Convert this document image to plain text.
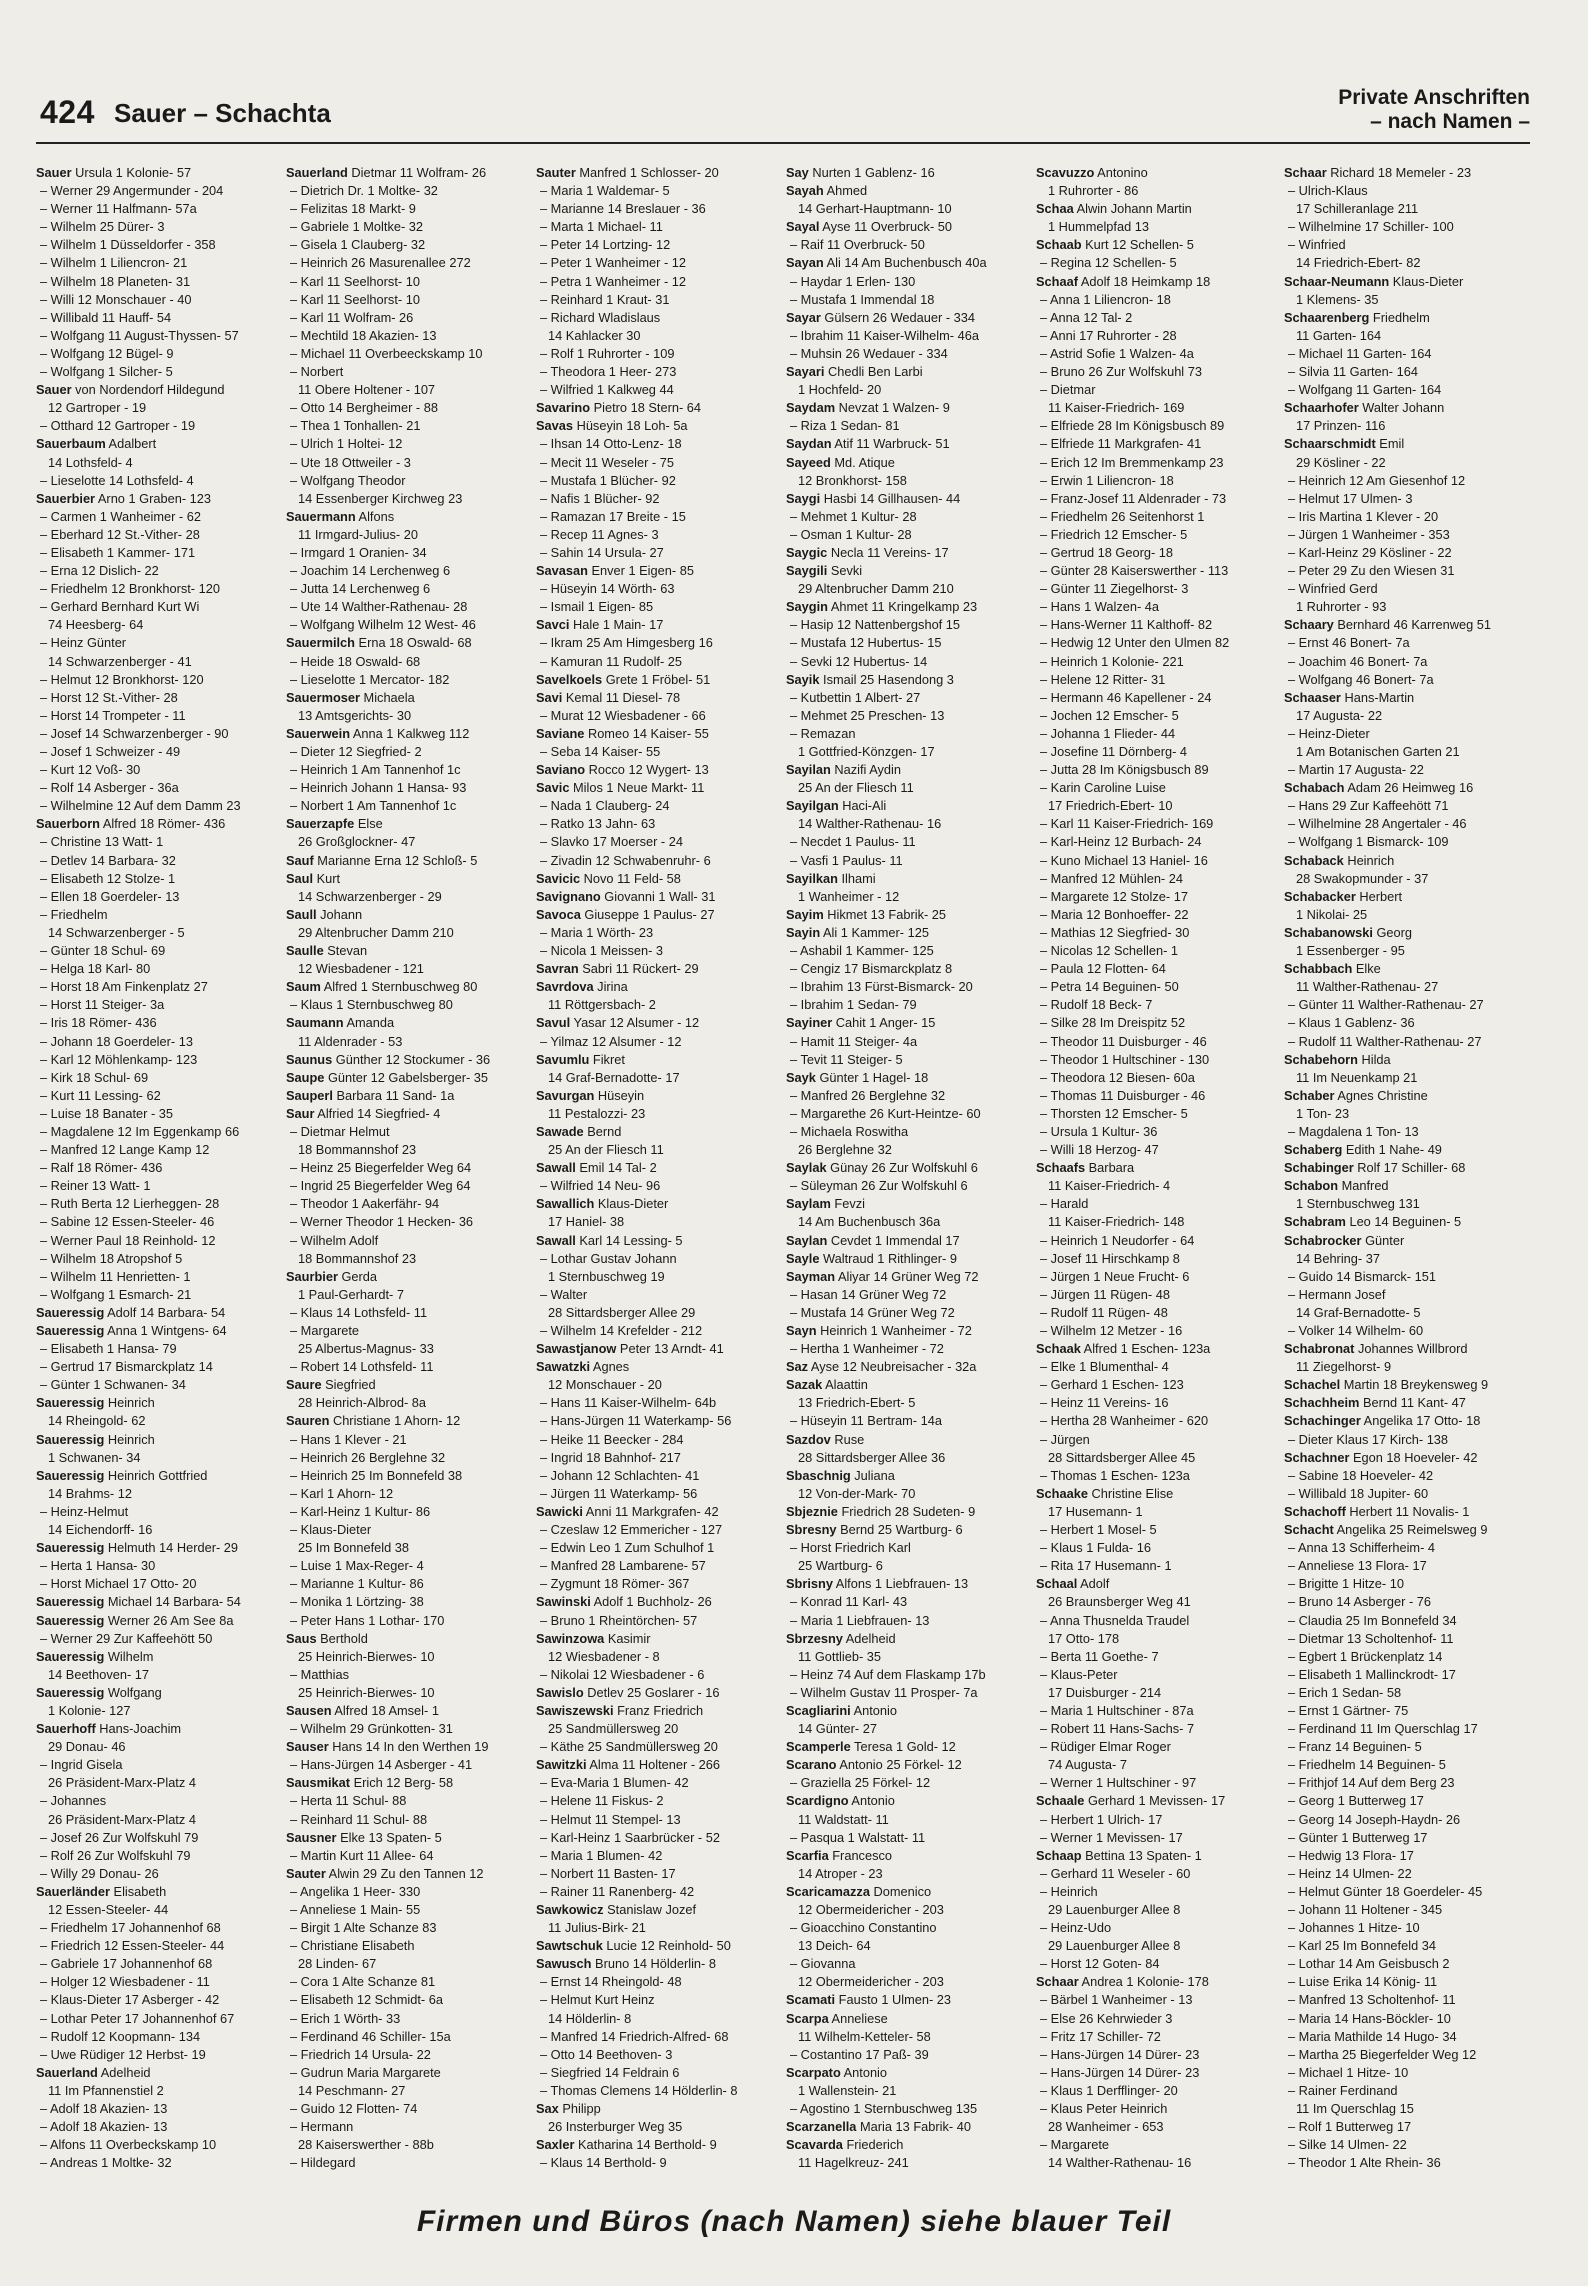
424 Sauer – Schachta
Private Anschriften
– nach Namen –
Sauer Ursula 1 Kolonie- 57
– Werner 29 Angermunder - 204
– Werner 11 Halfmann- 57a
– Wilhelm 25 Dürer- 3
– Wilhelm 1 Düsseldorfer - 358
– Wilhelm 1 Liliencron- 21
– Wilhelm 18 Planeten- 31
– Willi 12 Monschauer - 40
– Willibald 11 Hauff- 54
– Wolfgang 11 August-Thyssen- 57
– Wolfgang 12 Bügel- 9
– Wolfgang 1 Silcher- 5
Sauer von Nordendorf Hildegund
12 Gartroper - 19
– Otthard 12 Gartroper - 19
Sauerbaum Adalbert
14 Lothsfeld- 4
– Lieselotte 14 Lothsfeld- 4
Sauerbier Arno 1 Graben- 123
– Carmen 1 Wanheimer - 62
– Eberhard 12 St.-Vither- 28
– Elisabeth 1 Kammer- 171
– Erna 12 Dislich- 22
– Friedhelm 12 Bronkhorst- 120
– Gerhard Bernhard Kurt Wi
74 Heesberg- 64
– Heinz Günter
14 Schwarzenberger - 41
– Helmut 12 Bronkhorst- 120
– Horst 12 St.-Vither- 28
– Horst 14 Trompeter - 11
– Josef 14 Schwarzenberger - 90
– Josef 1 Schweizer - 49
– Kurt 12 Voß- 30
– Rolf 14 Asberger - 36a
– Wilhelmine 12 Auf dem Damm 23
Sauerborn Alfred 18 Römer- 436
– Christine 13 Watt- 1
– Detlev 14 Barbara- 32
– Elisabeth 12 Stolze- 1
– Ellen 18 Goerdeler- 13
– Friedhelm
14 Schwarzenberger - 5
– Günter 18 Schul- 69
– Helga 18 Karl- 80
– Horst 18 Am Finkenplatz 27
– Horst 11 Steiger- 3a
– Iris 18 Römer- 436
– Johann 18 Goerdeler- 13
– Karl 12 Möhlenkamp- 123
– Kirk 18 Schul- 69
– Kurt 11 Lessing- 62
– Luise 18 Banater - 35
– Magdalene 12 Im Eggenkamp 66
– Manfred 12 Lange Kamp 12
– Ralf 18 Römer- 436
– Reiner 13 Watt- 1
– Ruth Berta 12 Lierheggen- 28
– Sabine 12 Essen-Steeler- 46
– Werner Paul 18 Reinhold- 12
– Wilhelm 18 Atropshof 5
– Wilhelm 11 Henrietten- 1
– Wolfgang 1 Esmarch- 21
Saueressig Adolf 14 Barbara- 54
Saueressig Anna 1 Wintgens- 64
– Elisabeth 1 Hansa- 79
– Gertrud 17 Bismarckplatz 14
– Günter 1 Schwanen- 34
Saueressig Heinrich
14 Rheingold- 62
Saueressig Heinrich
1 Schwanen- 34
Saueressig Heinrich Gottfried
14 Brahms- 12
– Heinz-Helmut
14 Eichendorff- 16
Saueressig Helmuth 14 Herder- 29
– Herta 1 Hansa- 30
– Horst Michael 17 Otto- 20
Saueressig Michael 14 Barbara- 54
Saueressig Werner 26 Am See 8a
– Werner 29 Zur Kaffeehött 50
Saueressig Wilhelm
14 Beethoven- 17
Saueressig Wolfgang
1 Kolonie- 127
Sauerhoff Hans-Joachim
29 Donau- 46
– Ingrid Gisela
26 Präsident-Marx-Platz 4
– Johannes
26 Präsident-Marx-Platz 4
– Josef 26 Zur Wolfskuhl 79
– Rolf 26 Zur Wolfskuhl 79
– Willy 29 Donau- 26
Sauerländer Elisabeth
12 Essen-Steeler- 44
– Friedhelm 17 Johannenhof 68
– Friedrich 12 Essen-Steeler- 44
– Gabriele 17 Johannenhof 68
– Holger 12 Wiesbadener - 11
– Klaus-Dieter 17 Asberger - 42
– Lothar Peter 17 Johannenhof 67
– Rudolf 12 Koopmann- 134
– Uwe Rüdiger 12 Herbst- 19
Sauerland Adelheid
11 Im Pfannenstiel 2
– Adolf 18 Akazien- 13
– Adolf 18 Akazien- 13
– Alfons 11 Overbeckskamp 10
– Andreas 1 Moltke- 32
Sauerland Dietmar 11 Wolfram- 26
– Dietrich Dr. 1 Moltke- 32
– Felizitas 18 Markt- 9
– Gabriele 1 Moltke- 32
– Gisela 1 Clauberg- 32
– Heinrich 26 Masurenallee 272
– Karl 11 Seelhorst- 10
– Karl 11 Seelhorst- 10
– Karl 11 Wolfram- 26
– Mechtild 18 Akazien- 13
– Michael 11 Overbeeckskamp 10
– Norbert
11 Obere Holtener - 107
– Otto 14 Bergheimer - 88
– Thea 1 Tonhallen- 21
– Ulrich 1 Holtei- 12
– Ute 18 Ottweiler - 3
– Wolfgang Theodor
14 Essenberger Kirchweg 23
Sauermann Alfons
11 Irmgard-Julius- 20
– Irmgard 1 Oranien- 34
– Joachim 14 Lerchenweg 6
– Jutta 14 Lerchenweg 6
– Ute 14 Walther-Rathenau- 28
– Wolfgang Wilhelm 12 West- 46
Sauermilch Erna 18 Oswald- 68
– Heide 18 Oswald- 68
– Lieselotte 1 Mercator- 182
Sauermoser Michaela
13 Amtsgerichts- 30
Sauerwein Anna 1 Kalkweg 112
– Dieter 12 Siegfried- 2
– Heinrich 1 Am Tannenhof 1c
– Heinrich Johann 1 Hansa- 93
– Norbert 1 Am Tannenhof 1c
Sauerzapfe Else
26 Großglockner- 47
Sauf Marianne Erna 12 Schloß- 5
Saul Kurt
14 Schwarzenberger - 29
Saull Johann
29 Altenbrucher Damm 210
Saulle Stevan
12 Wiesbadener - 121
Saum Alfred 1 Sternbuschweg 80
– Klaus 1 Sternbuschweg 80
Saumann Amanda
11 Aldenrader - 53
Saunus Günther 12 Stockumer - 36
Saupe Günter 12 Gabelsberger- 35
Sauperl Barbara 11 Sand- 1a
Saur Alfried 14 Siegfried- 4
– Dietmar Helmut
18 Bommannshof 23
– Heinz 25 Biegerfelder Weg 64
– Ingrid 25 Biegerfelder Weg 64
– Theodor 1 Aakerfähr- 94
– Werner Theodor 1 Hecken- 36
– Wilhelm Adolf
18 Bommannshof 23
Saurbier Gerda
1 Paul-Gerhardt- 7
– Klaus 14 Lothsfeld- 11
– Margarete
25 Albertus-Magnus- 33
– Robert 14 Lothsfeld- 11
Saure Siegfried
28 Heinrich-Albrod- 8a
Sauren Christiane 1 Ahorn- 12
– Hans 1 Klever - 21
– Heinrich 26 Berglehne 32
– Heinrich 25 Im Bonnefeld 38
– Karl 1 Ahorn- 12
– Karl-Heinz 1 Kultur- 86
– Klaus-Dieter
25 Im Bonnefeld 38
– Luise 1 Max-Reger- 4
– Marianne 1 Kultur- 86
– Monika 1 Lörtzing- 38
– Peter Hans 1 Lothar- 170
Saus Berthold
25 Heinrich-Bierwes- 10
– Matthias
25 Heinrich-Bierwes- 10
Sausen Alfred 18 Amsel- 1
– Wilhelm 29 Grünkotten- 31
Sauser Hans 14 In den Werthen 19
– Hans-Jürgen 14 Asberger - 41
Sausmikat Erich 12 Berg- 58
– Herta 11 Schul- 88
– Reinhard 11 Schul- 88
Sausner Elke 13 Spaten- 5
– Martin Kurt 11 Allee- 64
Sauter Alwin 29 Zu den Tannen 12
– Angelika 1 Heer- 330
– Anneliese 1 Main- 55
– Birgit 1 Alte Schanze 83
– Christiane Elisabeth
28 Linden- 67
– Cora 1 Alte Schanze 81
– Elisabeth 12 Schmidt- 6a
– Erich 1 Wörth- 33
– Ferdinand 46 Schiller- 15a
– Friedrich 14 Ursula- 22
– Gudrun Maria Margarete
14 Peschmann- 27
– Guido 12 Flotten- 74
– Hermann
28 Kaiserswerther - 88b
– Hildegard
Sauter Manfred 1 Schlosser- 20
– Maria 1 Waldemar- 5
– Marianne 14 Breslauer - 36
– Marta 1 Michael- 11
– Peter 14 Lortzing- 12
– Peter 1 Wanheimer - 12
– Petra 1 Wanheimer - 12
– Reinhard 1 Kraut- 31
– Richard Wladislaus
14 Kahlacker 30
– Rolf 1 Ruhrorter - 109
– Theodora 1 Heer- 273
– Wilfried 1 Kalkweg 44
Savarino Pietro 18 Stern- 64
Savas Hüseyin 18 Loh- 5a
– Ihsan 14 Otto-Lenz- 18
– Mecit 11 Weseler - 75
– Mustafa 1 Blücher- 92
– Nafis 1 Blücher- 92
– Ramazan 17 Breite - 15
– Recep 11 Agnes- 3
– Sahin 14 Ursula- 27
Savasan Enver 1 Eigen- 85
– Hüseyin 14 Wörth- 63
– Ismail 1 Eigen- 85
Savci Hale 1 Main- 17
– Ikram 25 Am Himgesberg 16
– Kamuran 11 Rudolf- 25
Savelkoels Grete 1 Fröbel- 51
Savi Kemal 11 Diesel- 78
– Murat 12 Wiesbadener - 66
Saviane Romeo 14 Kaiser- 55
– Seba 14 Kaiser- 55
Saviano Rocco 12 Wygert- 13
Savic Milos 1 Neue Markt- 11
– Nada 1 Clauberg- 24
– Ratko 13 Jahn- 63
– Slavko 17 Moerser - 24
– Zivadin 12 Schwabenruhr- 6
Savicic Novo 11 Feld- 58
Savignano Giovanni 1 Wall- 31
Savoca Giuseppe 1 Paulus- 27
– Maria 1 Wörth- 23
– Nicola 1 Meissen- 3
Savran Sabri 11 Rückert- 29
Savrdova Jirina
11 Röttgersbach- 2
Savul Yasar 12 Alsumer - 12
– Yilmaz 12 Alsumer - 12
Savumlu Fikret
14 Graf-Bernadotte- 17
Savurgan Hüseyin
11 Pestalozzi- 23
Sawade Bernd
25 An der Fliesch 11
Sawall Emil 14 Tal- 2
– Wilfried 14 Neu- 96
Sawallich Klaus-Dieter
17 Haniel- 38
Sawall Karl 14 Lessing- 5
– Lothar Gustav Johann
1 Sternbuschweg 19
– Walter
28 Sittardsberger Allee 29
– Wilhelm 14 Krefelder - 212
Sawastjanow Peter 13 Arndt- 41
Sawatzki Agnes
12 Monschauer - 20
– Hans 11 Kaiser-Wilhelm- 64b
– Hans-Jürgen 11 Waterkamp- 56
– Heike 11 Beecker - 284
– Ingrid 18 Bahnhof- 217
– Johann 12 Schlachten- 41
– Jürgen 11 Waterkamp- 56
Sawicki Anni 11 Markgrafen- 42
– Czeslaw 12 Emmericher - 127
– Edwin Leo 1 Zum Schulhof 1
– Manfred 28 Lambarene- 57
– Zygmunt 18 Römer- 367
Sawinski Adolf 1 Buchholz- 26
– Bruno 1 Rheintörchen- 57
Sawinzowa Kasimir
12 Wiesbadener - 8
– Nikolai 12 Wiesbadener - 6
Sawislo Detlev 25 Goslarer - 16
Sawiszewski Franz Friedrich
25 Sandmüllersweg 20
– Käthe 25 Sandmüllersweg 20
Sawitzki Alma 11 Holtener - 266
– Eva-Maria 1 Blumen- 42
– Helene 11 Fiskus- 2
– Helmut 11 Stempel- 13
– Karl-Heinz 1 Saarbrücker - 52
– Maria 1 Blumen- 42
– Norbert 11 Basten- 17
– Rainer 11 Ranenberg- 42
Sawkowicz Stanislaw Jozef
11 Julius-Birk- 21
Sawtschuk Lucie 12 Reinhold- 50
Sawusch Bruno 14 Hölderlin- 8
– Ernst 14 Rheingold- 48
– Helmut Kurt Heinz
14 Hölderlin- 8
– Manfred 14 Friedrich-Alfred- 68
– Otto 14 Beethoven- 3
– Siegfried 14 Feldrain 6
– Thomas Clemens 14 Hölderlin- 8
Sax Philipp
26 Insterburger Weg 35
Saxler Katharina 14 Berthold- 9
– Klaus 14 Berthold- 9
Say Nurten 1 Gablenz- 16
Sayah Ahmed
14 Gerhart-Hauptmann- 10
Sayal Ayse 11 Overbruck- 50
– Raif 11 Overbruck- 50
Sayan Ali 14 Am Buchenbusch 40a
– Haydar 1 Erlen- 130
– Mustafa 1 Immendal 18
Sayar Gülsern 26 Wedauer - 334
– Ibrahim 11 Kaiser-Wilhelm- 46a
– Muhsin 26 Wedauer - 334
Sayari Chedli Ben Larbi
1 Hochfeld- 20
Saydam Nevzat 1 Walzen- 9
– Riza 1 Sedan- 81
Saydan Atif 11 Warbruck- 51
Sayeed Md. Atique
12 Bronkhorst- 158
Saygi Hasbi 14 Gillhausen- 44
– Mehmet 1 Kultur- 28
– Osman 1 Kultur- 28
Saygic Necla 11 Vereins- 17
Saygili Sevki
29 Altenbrucher Damm 210
Saygin Ahmet 11 Kringelkamp 23
– Hasip 12 Nattenbergshof 15
– Mustafa 12 Hubertus- 15
– Sevki 12 Hubertus- 14
Sayik Ismail 25 Hasendong 3
– Kutbettin 1 Albert- 27
– Mehmet 25 Preschen- 13
– Remazan
1 Gottfried-Könzgen- 17
Sayilan Nazifi Aydin
25 An der Fliesch 11
Sayilgan Haci-Ali
14 Walther-Rathenau- 16
– Necdet 1 Paulus- 11
– Vasfi 1 Paulus- 11
Sayilkan Ilhami
1 Wanheimer - 12
Sayim Hikmet 13 Fabrik- 25
Sayin Ali 1 Kammer- 125
– Ashabil 1 Kammer- 125
– Cengiz 17 Bismarckplatz 8
– Ibrahim 13 Fürst-Bismarck- 20
– Ibrahim 1 Sedan- 79
Sayiner Cahit 1 Anger- 15
– Hamit 11 Steiger- 4a
– Tevit 11 Steiger- 5
Sayk Günter 1 Hagel- 18
– Manfred 26 Berglehne 32
– Margarethe 26 Kurt-Heintze- 60
– Michaela Roswitha
26 Berglehne 32
Saylak Günay 26 Zur Wolfskuhl 6
– Süleyman 26 Zur Wolfskuhl 6
Saylam Fevzi
14 Am Buchenbusch 36a
Saylan Cevdet 1 Immendal 17
Sayle Waltraud 1 Rithlinger- 9
Sayman Aliyar 14 Grüner Weg 72
– Hasan 14 Grüner Weg 72
– Mustafa 14 Grüner Weg 72
Sayn Heinrich 1 Wanheimer - 72
– Hertha 1 Wanheimer - 72
Saz Ayse 12 Neubreisacher - 32a
Sazak Alaattin
13 Friedrich-Ebert- 5
– Hüseyin 11 Bertram- 14a
Sazdov Ruse
28 Sittardsberger Allee 36
Sbaschnig Juliana
12 Von-der-Mark- 70
Sbjeznie Friedrich 28 Sudeten- 9
Sbresny Bernd 25 Wartburg- 6
– Horst Friedrich Karl
25 Wartburg- 6
Sbrisny Alfons 1 Liebfrauen- 13
– Konrad 11 Karl- 43
– Maria 1 Liebfrauen- 13
Sbrzesny Adelheid
11 Gottlieb- 35
– Heinz 74 Auf dem Flaskamp 17b
– Wilhelm Gustav 11 Prosper- 7a
Scagliarini Antonio
14 Günter- 27
Scamperle Teresa 1 Gold- 12
Scarano Antonio 25 Förkel- 12
– Graziella 25 Förkel- 12
Scardigno Antonio
11 Waldstatt- 11
– Pasqua 1 Walstatt- 11
Scarfia Francesco
14 Atroper - 23
Scaricamazza Domenico
12 Obermeidericher - 203
– Gioacchino Constantino
13 Deich- 64
– Giovanna
12 Obermeidericher - 203
Scamati Fausto 1 Ulmen- 23
Scarpa Anneliese
11 Wilhelm-Ketteler- 58
– Costantino 17 Paß- 39
Scarpato Antonio
1 Wallenstein- 21
– Agostino 1 Sternbuschweg 135
Scarzanella Maria 13 Fabrik- 40
Scavarda Friederich
11 Hagelkreuz- 241
Scavuzzo Antonino
1 Ruhrorter - 86
Schaa Alwin Johann Martin
1 Hummelpfad 13
Schaab Kurt 12 Schellen- 5
– Regina 12 Schellen- 5
Schaaf Adolf 18 Heimkamp 18
– Anna 1 Liliencron- 18
– Anna 12 Tal- 2
– Anni 17 Ruhrorter - 28
– Astrid Sofie 1 Walzen- 4a
– Bruno 26 Zur Wolfskuhl 73
– Dietmar
11 Kaiser-Friedrich- 169
– Elfriede 28 Im Königsbusch 89
– Elfriede 11 Markgrafen- 41
– Erich 12 Im Bremmenkamp 23
– Erwin 1 Liliencron- 18
– Franz-Josef 11 Aldenrader - 73
– Friedhelm 26 Seitenhorst 1
– Friedrich 12 Emscher- 5
– Gertrud 18 Georg- 18
– Günter 28 Kaiserswerther - 113
– Günter 11 Ziegelhorst- 3
– Hans 1 Walzen- 4a
– Hans-Werner 11 Kalthoff- 82
– Hedwig 12 Unter den Ulmen 82
– Heinrich 1 Kolonie- 221
– Helene 12 Ritter- 31
– Hermann 46 Kapellener - 24
– Jochen 12 Emscher- 5
– Johanna 1 Flieder- 44
– Josefine 11 Dörnberg- 4
– Jutta 28 Im Königsbusch 89
– Karin Caroline Luise
17 Friedrich-Ebert- 10
– Karl 11 Kaiser-Friedrich- 169
– Karl-Heinz 12 Burbach- 24
– Kuno Michael 13 Haniel- 16
– Manfred 12 Mühlen- 24
– Margarete 12 Stolze- 17
– Maria 12 Bonhoeffer- 22
– Mathias 12 Siegfried- 30
– Nicolas 12 Schellen- 1
– Paula 12 Flotten- 64
– Petra 14 Beguinen- 50
– Rudolf 18 Beck- 7
– Silke 28 Im Dreispitz 52
– Theodor 11 Duisburger - 46
– Theodor 1 Hultschiner - 130
– Theodora 12 Biesen- 60a
– Thomas 11 Duisburger - 46
– Thorsten 12 Emscher- 5
– Ursula 1 Kultur- 36
– Willi 18 Herzog- 47
Schaafs Barbara
11 Kaiser-Friedrich- 4
– Harald
11 Kaiser-Friedrich- 148
– Heinrich 1 Neudorfer - 64
– Josef 11 Hirschkamp 8
– Jürgen 1 Neue Frucht- 6
– Jürgen 11 Rügen- 48
– Rudolf 11 Rügen- 48
– Wilhelm 12 Metzer - 16
Schaak Alfred 1 Eschen- 123a
– Elke 1 Blumenthal- 4
– Gerhard 1 Eschen- 123
– Heinz 11 Vereins- 16
– Hertha 28 Wanheimer - 620
– Jürgen
28 Sittardsberger Allee 45
– Thomas 1 Eschen- 123a
Schaake Christine Elise
17 Husemann- 1
– Herbert 1 Mosel- 5
– Klaus 1 Fulda- 16
– Rita 17 Husemann- 1
Schaal Adolf
26 Braunsberger Weg 41
– Anna Thusnelda Traudel
17 Otto- 178
– Berta 11 Goethe- 7
– Klaus-Peter
17 Duisburger - 214
– Maria 1 Hultschiner - 87a
– Robert 11 Hans-Sachs- 7
– Rüdiger Elmar Roger
74 Augusta- 7
– Werner 1 Hultschiner - 97
Schaale Gerhard 1 Mevissen- 17
– Herbert 1 Ulrich- 17
– Werner 1 Mevissen- 17
Schaap Bettina 13 Spaten- 1
– Gerhard 11 Weseler - 60
– Heinrich
29 Lauenburger Allee 8
– Heinz-Udo
29 Lauenburger Allee 8
– Horst 12 Goten- 84
Schaar Andrea 1 Kolonie- 178
– Bärbel 1 Wanheimer - 13
– Else 26 Kehrwieder 3
– Fritz 17 Schiller- 72
– Hans-Jürgen 14 Dürer- 23
– Hans-Jürgen 14 Dürer- 23
– Klaus 1 Derfflinger- 20
– Klaus Peter Heinrich
28 Wanheimer - 653
– Margarete
14 Walther-Rathenau- 16
Schaar Richard 18 Memeler - 23
– Ulrich-Klaus
17 Schilleranlage 211
– Wilhelmine 17 Schiller- 100
– Winfried
14 Friedrich-Ebert- 82
Schaar-Neumann Klaus-Dieter
1 Klemens- 35
Schaarenberg Friedhelm
11 Garten- 164
– Michael 11 Garten- 164
– Silvia 11 Garten- 164
– Wolfgang 11 Garten- 164
Schaarhofer Walter Johann
17 Prinzen- 116
Schaarschmidt Emil
29 Kösliner - 22
– Heinrich 12 Am Giesenhof 12
– Helmut 17 Ulmen- 3
– Iris Martina 1 Klever - 20
– Jürgen 1 Wanheimer - 353
– Karl-Heinz 29 Kösliner - 22
– Peter 29 Zu den Wiesen 31
– Winfried Gerd
1 Ruhrorter - 93
Schaary Bernhard 46 Karrenweg 51
– Ernst 46 Bonert- 7a
– Joachim 46 Bonert- 7a
– Wolfgang 46 Bonert- 7a
Schaaser Hans-Martin
17 Augusta- 22
– Heinz-Dieter
1 Am Botanischen Garten 21
– Martin 17 Augusta- 22
Schabach Adam 26 Heimweg 16
– Hans 29 Zur Kaffeehött 71
– Wilhelmine 28 Angertaler - 46
– Wolfgang 1 Bismarck- 109
Schaback Heinrich
28 Swakopmunder - 37
Schabacker Herbert
1 Nikolai- 25
Schabanowski Georg
1 Essenberger - 95
Schabbach Elke
11 Walther-Rathenau- 27
– Günter 11 Walther-Rathenau- 27
– Klaus 1 Gablenz- 36
– Rudolf 11 Walther-Rathenau- 27
Schabehorn Hilda
11 Im Neuenkamp 21
Schaber Agnes Christine
1 Ton- 23
– Magdalena 1 Ton- 13
Schaberg Edith 1 Nahe- 49
Schabinger Rolf 17 Schiller- 68
Schabon Manfred
1 Sternbuschweg 131
Schabram Leo 14 Beguinen- 5
Schabrocker Günter
14 Behring- 37
– Guido 14 Bismarck- 151
– Hermann Josef
14 Graf-Bernadotte- 5
– Volker 14 Wilhelm- 60
Schabronat Johannes Willbrord
11 Ziegelhorst- 9
Schachel Martin 18 Breykensweg 9
Schachheim Bernd 11 Kant- 47
Schachinger Angelika 17 Otto- 18
– Dieter Klaus 17 Kirch- 138
Schachner Egon 18 Hoeveler- 42
– Sabine 18 Hoeveler- 42
– Willibald 18 Jupiter- 60
Schachoff Herbert 11 Novalis- 1
Schacht Angelika 25 Reimelsweg 9
– Anna 13 Schifferheim- 4
– Anneliese 13 Flora- 17
– Brigitte 1 Hitze- 10
– Bruno 14 Asberger - 76
– Claudia 25 Im Bonnefeld 34
– Dietmar 13 Scholtenhof- 11
– Egbert 1 Brückenplatz 14
– Elisabeth 1 Mallinckrodt- 17
– Erich 1 Sedan- 58
– Ernst 1 Gärtner- 75
– Ferdinand 11 Im Querschlag 17
– Franz 14 Beguinen- 5
– Friedhelm 14 Beguinen- 5
– Frithjof 14 Auf dem Berg 23
– Georg 1 Butterweg 17
– Georg 14 Joseph-Haydn- 26
– Günter 1 Butterweg 17
– Hedwig 13 Flora- 17
– Heinz 14 Ulmen- 22
– Helmut Günter 18 Goerdeler- 45
– Johann 11 Holtener - 345
– Johannes 1 Hitze- 10
– Karl 25 Im Bonnefeld 34
– Lothar 14 Am Geisbusch 2
– Luise Erika 14 König- 11
– Manfred 13 Scholtenhof- 11
– Maria 14 Hans-Böckler- 10
– Maria Mathilde 14 Hugo- 34
– Martha 25 Biegerfelder Weg 12
– Michael 1 Hitze- 10
– Rainer Ferdinand
11 Im Querschlag 15
– Rolf 1 Butterweg 17
– Silke 14 Ulmen- 22
– Theodor 1 Alte Rhein- 36
Firmen und Büros (nach Namen) siehe blauer Teil
